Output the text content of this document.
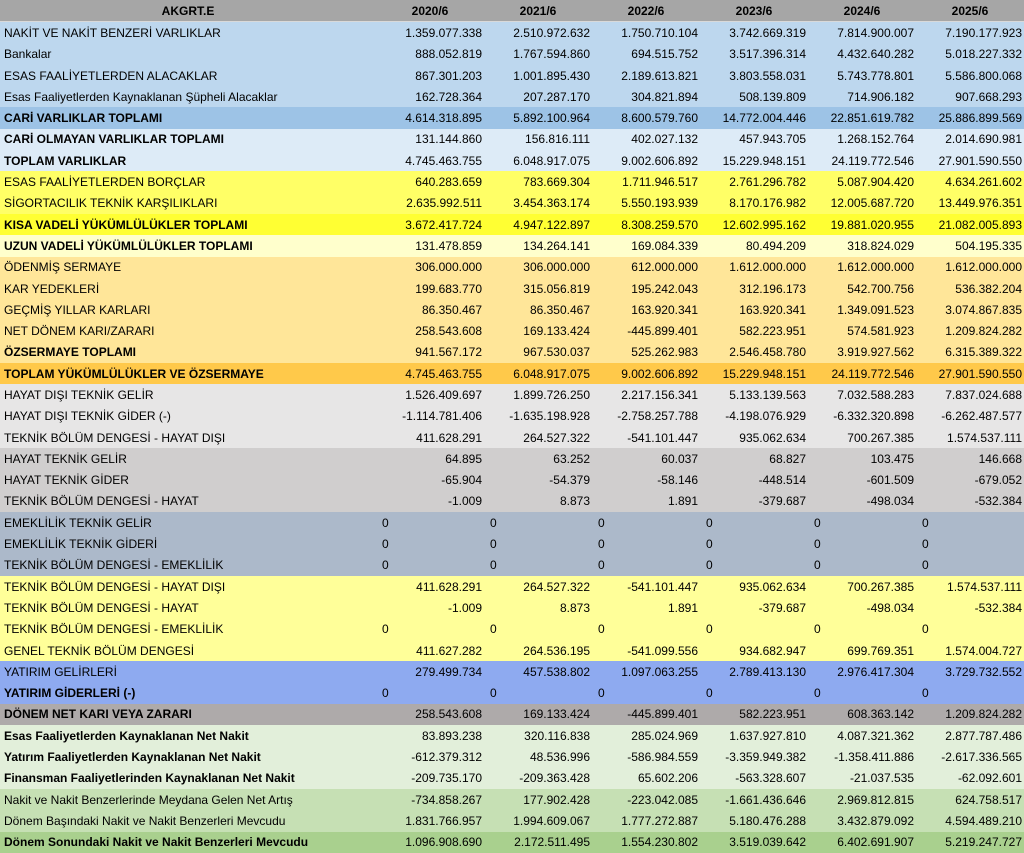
AKGRT.E	2020/6	2021/6	2022/6	2023/6	2024/6	2025/6
NAKİT VE NAKİT BENZERİ VARLIKLAR	1.359.077.338	2.510.972.632	1.750.710.104	3.742.669.319	7.814.900.007	7.190.177.923
Bankalar	888.052.819	1.767.594.860	694.515.752	3.517.396.314	4.432.640.282	5.018.227.332
ESAS FAALİYETLERDEN ALACAKLAR	867.301.203	1.001.895.430	2.189.613.821	3.803.558.031	5.743.778.801	5.586.800.068
Esas Faaliyetlerden Kaynaklanan Şüpheli Alacaklar	162.728.364	207.287.170	304.821.894	508.139.809	714.906.182	907.668.293
CARİ VARLIKLAR TOPLAMI	4.614.318.895	5.892.100.964	8.600.579.760	14.772.004.446	22.851.619.782	25.886.899.569
CARİ OLMAYAN VARLIKLAR TOPLAMI	131.144.860	156.816.111	402.027.132	457.943.705	1.268.152.764	2.014.690.981
TOPLAM VARLIKLAR	4.745.463.755	6.048.917.075	9.002.606.892	15.229.948.151	24.119.772.546	27.901.590.550
ESAS FAALİYETLERDEN BORÇLAR	640.283.659	783.669.304	1.711.946.517	2.761.296.782	5.087.904.420	4.634.261.602
SİGORTACILIK TEKNİK KARŞILIKLARI	2.635.992.511	3.454.363.174	5.550.193.939	8.170.176.982	12.005.687.720	13.449.976.351
KISA VADELİ YÜKÜMLÜLÜKLER TOPLAMI	3.672.417.724	4.947.122.897	8.308.259.570	12.602.995.162	19.881.020.955	21.082.005.893
UZUN VADELİ YÜKÜMLÜLÜKLER TOPLAMI	131.478.859	134.264.141	169.084.339	80.494.209	318.824.029	504.195.335
ÖDENMİŞ SERMAYE	306.000.000	306.000.000	612.000.000	1.612.000.000	1.612.000.000	1.612.000.000
KAR YEDEKLERİ	199.683.770	315.056.819	195.242.043	312.196.173	542.700.756	536.382.204
GEÇMİŞ YILLAR KARLARI	86.350.467	86.350.467	163.920.341	163.920.341	1.349.091.523	3.074.867.835
NET DÖNEM KARI/ZARARI	258.543.608	169.133.424	-445.899.401	582.223.951	574.581.923	1.209.824.282
ÖZSERMAYE TOPLAMI	941.567.172	967.530.037	525.262.983	2.546.458.780	3.919.927.562	6.315.389.322
TOPLAM YÜKÜMLÜLÜKLER VE ÖZSERMAYE	4.745.463.755	6.048.917.075	9.002.606.892	15.229.948.151	24.119.772.546	27.901.590.550
HAYAT DIŞI TEKNİK GELİR	1.526.409.697	1.899.726.250	2.217.156.341	5.133.139.563	7.032.588.283	7.837.024.688
HAYAT DIŞI TEKNİK GİDER (-)	-1.114.781.406	-1.635.198.928	-2.758.257.788	-4.198.076.929	-6.332.320.898	-6.262.487.577
TEKNİK BÖLÜM DENGESİ - HAYAT DIŞI	411.628.291	264.527.322	-541.101.447	935.062.634	700.267.385	1.574.537.111
HAYAT TEKNİK GELİR	64.895	63.252	60.037	68.827	103.475	146.668
HAYAT TEKNİK GİDER	-65.904	-54.379	-58.146	-448.514	-601.509	-679.052
TEKNİK BÖLÜM DENGESİ - HAYAT	-1.009	8.873	1.891	-379.687	-498.034	-532.384
EMEKLİLİK TEKNİK GELİR	0	0	0	0	0	0
EMEKLİLİK TEKNİK GİDERİ	0	0	0	0	0	0
TEKNİK BÖLÜM DENGESİ - EMEKLİLİK	0	0	0	0	0	0
TEKNİK BÖLÜM DENGESİ - HAYAT DIŞI	411.628.291	264.527.322	-541.101.447	935.062.634	700.267.385	1.574.537.111
TEKNİK BÖLÜM DENGESİ - HAYAT	-1.009	8.873	1.891	-379.687	-498.034	-532.384
TEKNİK BÖLÜM DENGESİ - EMEKLİLİK	0	0	0	0	0	0
GENEL TEKNİK BÖLÜM DENGESİ	411.627.282	264.536.195	-541.099.556	934.682.947	699.769.351	1.574.004.727
YATIRIM GELİRLERİ	279.499.734	457.538.802	1.097.063.255	2.789.413.130	2.976.417.304	3.729.732.552
YATIRIM GİDERLERİ (-)	0	0	0	0	0	0
DÖNEM NET KARI VEYA ZARARI	258.543.608	169.133.424	-445.899.401	582.223.951	608.363.142	1.209.824.282
Esas Faaliyetlerden Kaynaklanan Net Nakit	83.893.238	320.116.838	285.024.969	1.637.927.810	4.087.321.362	2.877.787.486
Yatırım Faaliyetlerden Kaynaklanan Net Nakit	-612.379.312	48.536.996	-586.984.559	-3.359.949.382	-1.358.411.886	-2.617.336.565
Finansman Faaliyetlerinden Kaynaklanan Net Nakit	-209.735.170	-209.363.428	65.602.206	-563.328.607	-21.037.535	-62.092.601
Nakit ve Nakit Benzerlerinde Meydana Gelen Net Artış	-734.858.267	177.902.428	-223.042.085	-1.661.436.646	2.969.812.815	624.758.517
Dönem Başındaki Nakit ve Nakit Benzerleri Mevcudu	1.831.766.957	1.994.609.067	1.777.272.887	5.180.476.288	3.432.879.092	4.594.489.210
Dönem Sonundaki Nakit ve Nakit Benzerleri Mevcudu	1.096.908.690	2.172.511.495	1.554.230.802	3.519.039.642	6.402.691.907	5.219.247.727
